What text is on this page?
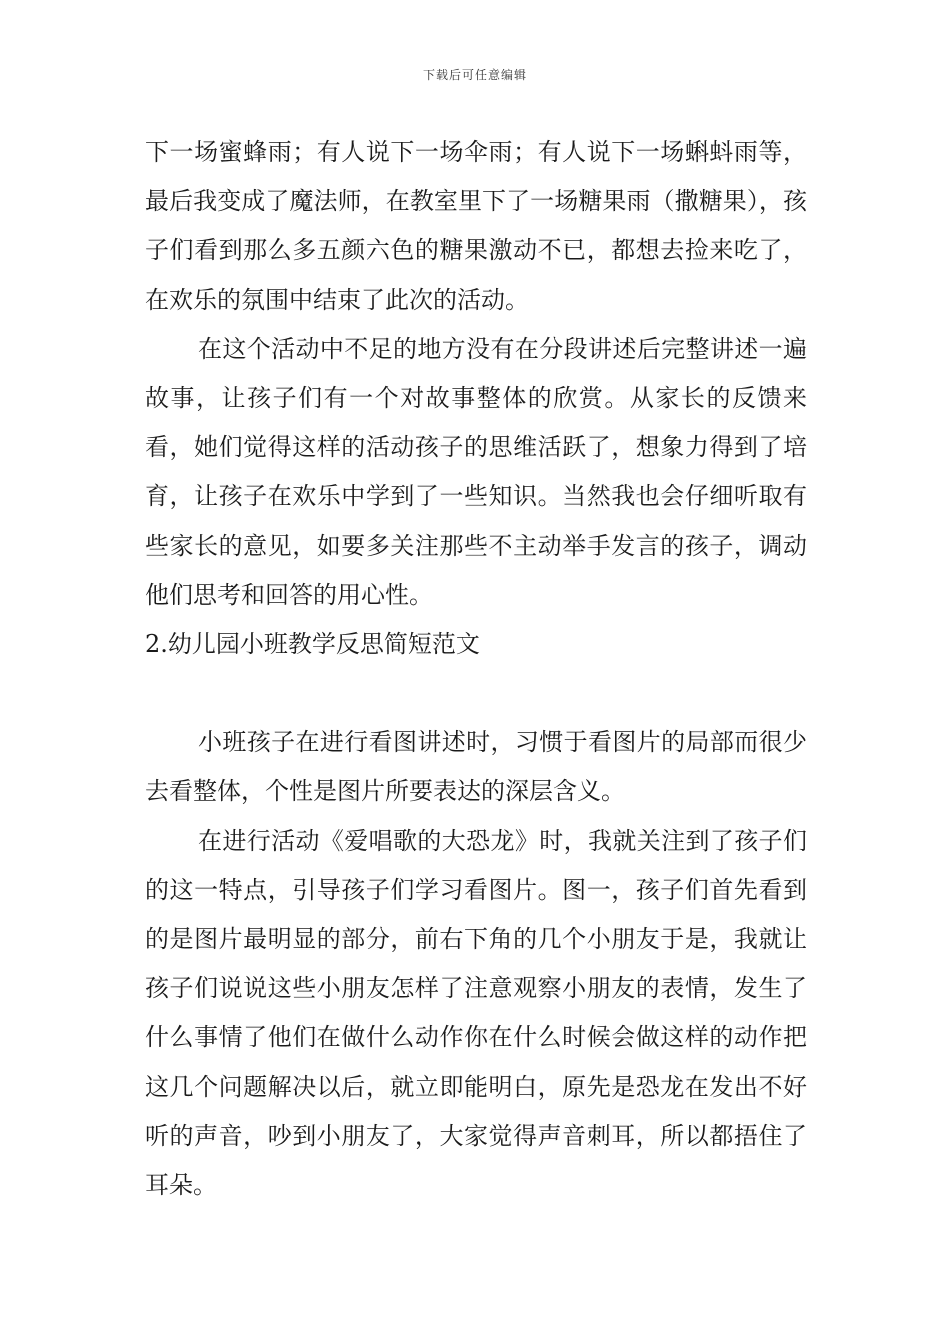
下载后可任意编辑

下一场蜜蜂雨；有人说下一场伞雨；有人说下一场蝌蚪雨等，最后我变成了魔法师，在教室里下了一场糖果雨（撒糖果），孩子们看到那么多五颜六色的糖果激动不已，都想去捡来吃了，在欢乐的氛围中结束了此次的活动。

在这个活动中不足的地方没有在分段讲述后完整讲述一遍故事，让孩子们有一个对故事整体的欣赏。从家长的反馈来看，她们觉得这样的活动孩子的思维活跃了，想象力得到了培育，让孩子在欢乐中学到了一些知识。当然我也会仔细听取有些家长的意见，如要多关注那些不主动举手发言的孩子，调动他们思考和回答的用心性。

2.幼儿园小班教学反思简短范文

小班孩子在进行看图讲述时，习惯于看图片的局部而很少去看整体，个性是图片所要表达的深层含义。

在进行活动《爱唱歌的大恐龙》时，我就关注到了孩子们的这一特点，引导孩子们学习看图片。图一，孩子们首先看到的是图片最明显的部分，前右下角的几个小朋友于是，我就让孩子们说说这些小朋友怎样了注意观察小朋友的表情，发生了什么事情了他们在做什么动作你在什么时候会做这样的动作把这几个问题解决以后，就立即能明白，原先是恐龙在发出不好听的声音，吵到小朋友了，大家觉得声音刺耳，所以都捂住了耳朵。
